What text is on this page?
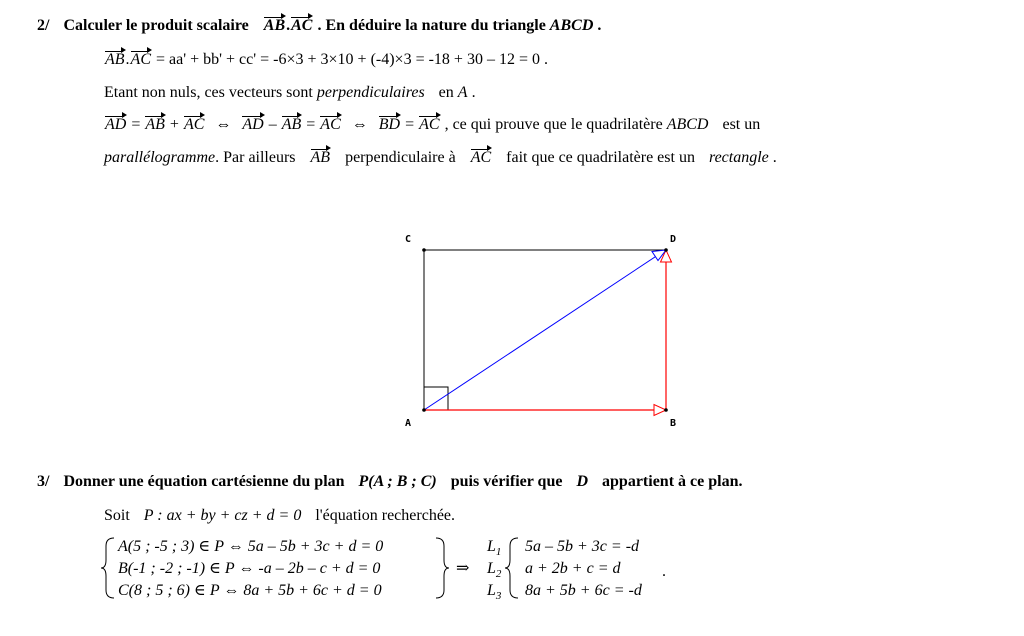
2/ Calculer le produit scalaire AB.AC . En déduire la nature du triangle ABCD .
AB.AC = aa' + bb' + cc' = -6×3 + 3×10 + (-4)×3 = -18 + 30 – 12 = 0 .
Etant non nuls, ces vecteurs sont perpendiculaires en A .
AD = AB + AC ⇔ AD – AB = AC ⇔ BD = AC , ce qui prouve que le quadrilatère ABCD est un
parallélogramme. Par ailleurs AB perpendiculaire à AC fait que ce quadrilatère est un rectangle .
C	D
A	B
3/ Donner une équation cartésienne du plan P(A ; B ; C) puis vérifier que D appartient à ce plan.
Soit P : ax + by + cz + d = 0 l'équation recherchée.
A(5 ; -5 ; 3) ∈ P ⇔ 5a – 5b + 3c + d = 0
B(-1 ; -2 ; -1) ∈ P ⇔ -a – 2b – c + d = 0
C(8 ; 5 ; 6) ∈ P ⇔ 8a + 5b + 6c + d = 0
⇒
$L_1$
$L_2$
$L_3$
5a – 5b + 3c = -d
a + 2b + c = d
8a + 5b + 6c = -d
.
